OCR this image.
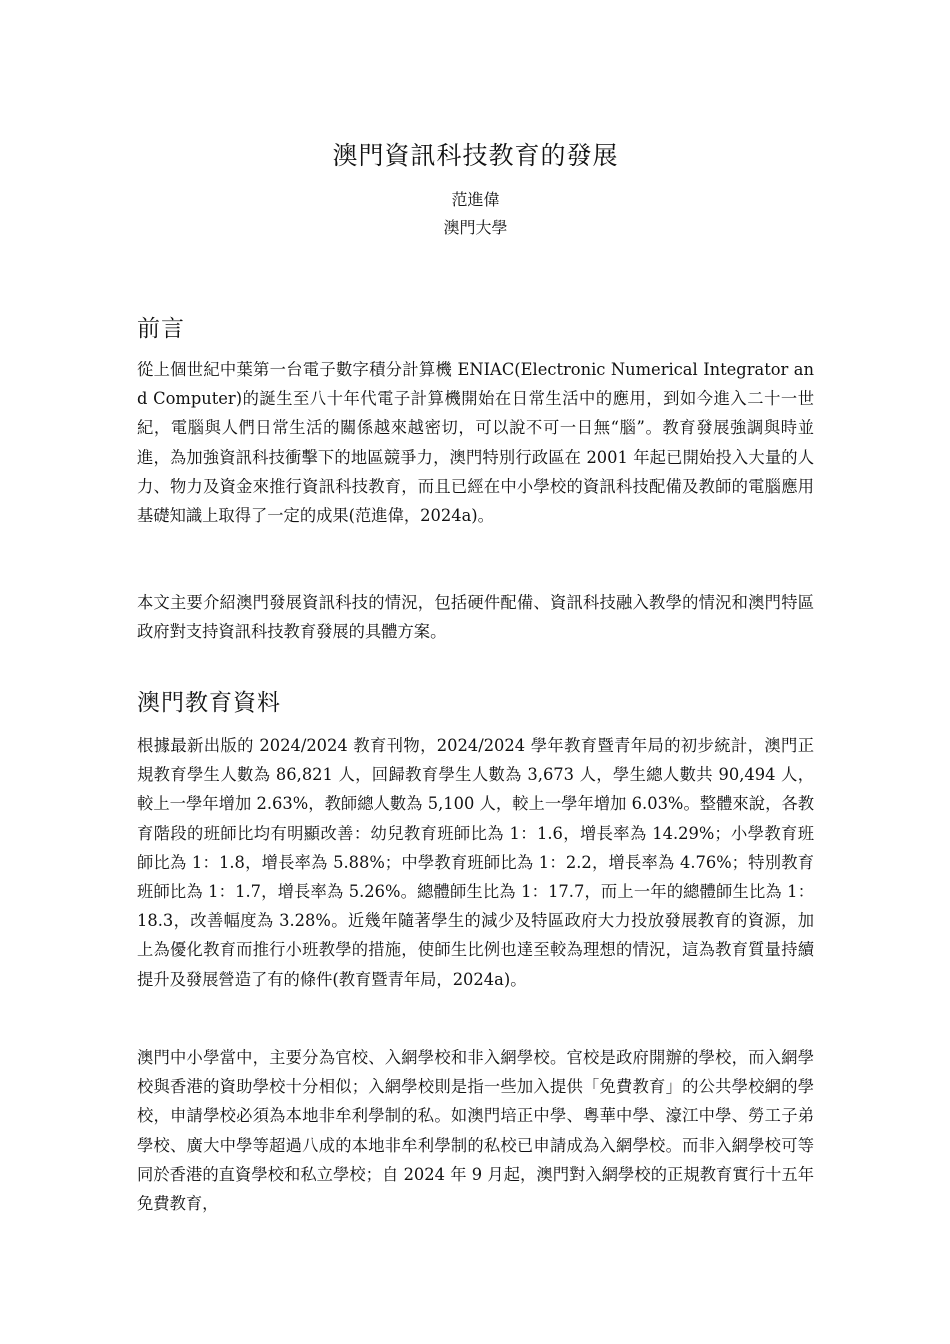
澳門資訊科技教育的發展
范進偉
澳門大學
前言
從上個世紀中葉第一台電子數字積分計算機 ENIAC(Electronic Numerical Integrator and Computer)的誕生至八十年代電子計算機開始在日常生活中的應用，到如今進入二十一世紀，電腦與人們日常生活的關係越來越密切，可以說不可一日無“腦”。教育發展強調與時並進，為加強資訊科技衝擊下的地區競爭力，澳門特別行政區在 2001 年起已開始投入大量的人力、物力及資金來推行資訊科技教育，而且已經在中小學校的資訊科技配備及教師的電腦應用基礎知識上取得了一定的成果(范進偉，2024a)。
本文主要介紹澳門發展資訊科技的情況，包括硬件配備、資訊科技融入教學的情況和澳門特區政府對支持資訊科技教育發展的具體方案。
澳門教育資料
根據最新出版的 2024/2024 教育刊物，2024/2024 學年教育暨青年局的初步統計，澳門正規教育學生人數為 86,821 人，回歸教育學生人數為 3,673 人，學生總人數共 90,494 人，較上一學年增加 2.63%，教師總人數為 5,100 人，較上一學年增加 6.03%。整體來說，各教育階段的班師比均有明顯改善：幼兒教育班師比為 1：1.6，增長率為 14.29%；小學教育班師比為 1：1.8，增長率為 5.88%；中學教育班師比為 1：2.2，增長率為 4.76%；特別教育班師比為 1：1.7，增長率為 5.26%。總體師生比為 1：17.7，而上一年的總體師生比為 1：18.3，改善幅度為 3.28%。近幾年隨著學生的減少及特區政府大力投放發展教育的資源，加上為優化教育而推行小班教學的措施，使師生比例也達至較為理想的情況，這為教育質量持續提升及發展營造了有的條件(教育暨青年局，2024a)。
澳門中小學當中，主要分為官校、入網學校和非入網學校。官校是政府開辦的學校，而入網學校與香港的資助學校十分相似；入網學校則是指一些加入提供「免費教育」的公共學校網的學校，申請學校必須為本地非牟利學制的私。如澳門培正中學、粵華中學、濠江中學、勞工子弟學校、廣大中學等超過八成的本地非牟利學制的私校已申請成為入網學校。而非入網學校可等同於香港的直資學校和私立學校；自 2024 年 9 月起，澳門對入網學校的正規教育實行十五年免費教育，
